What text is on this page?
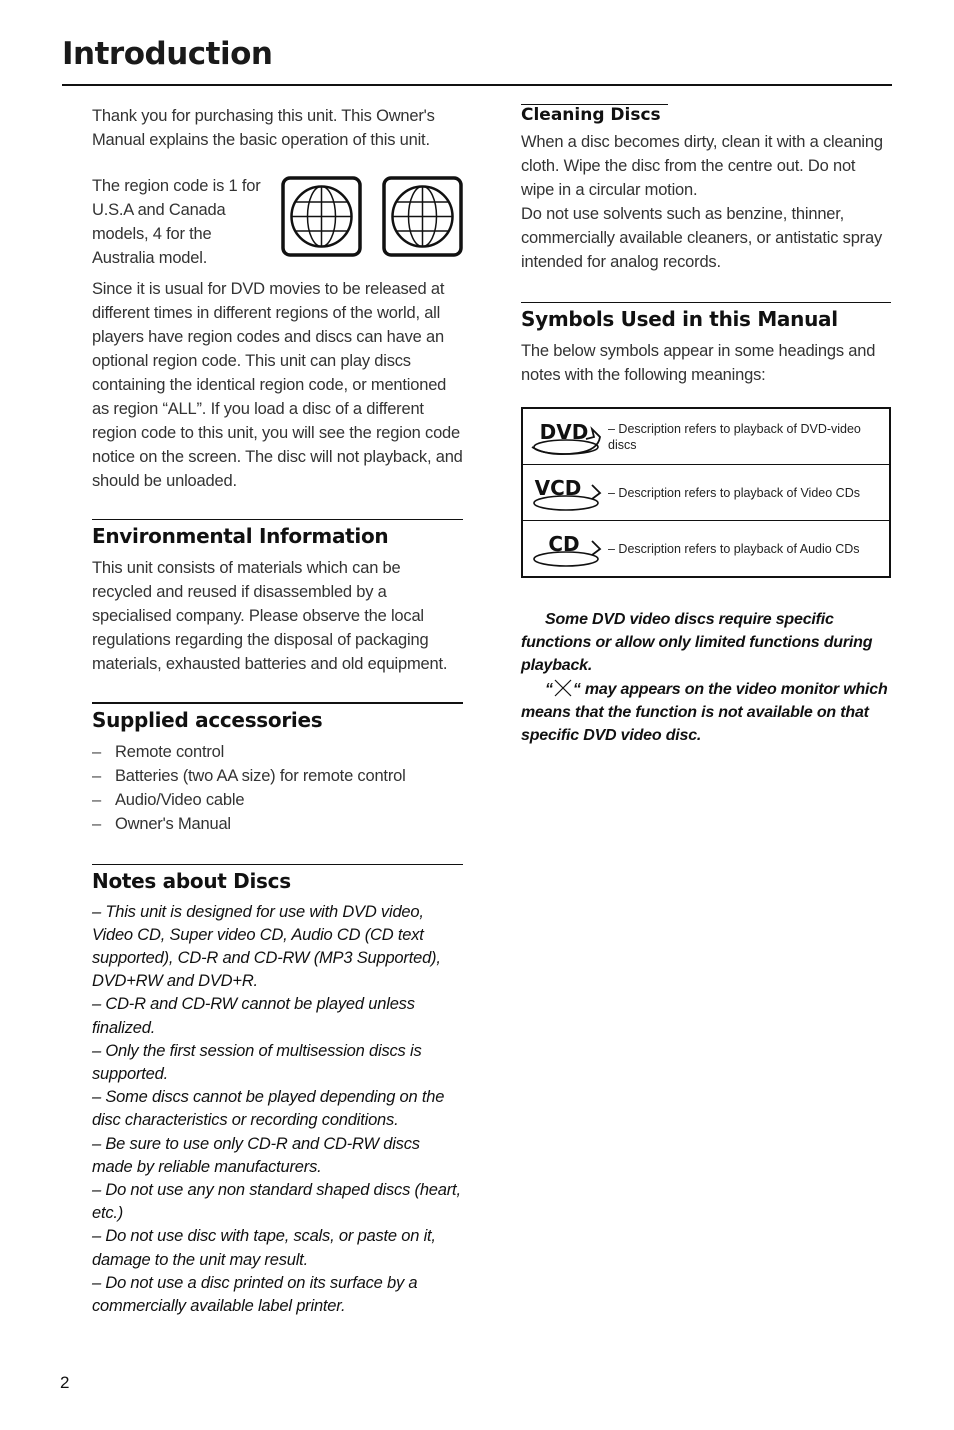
Introduction

Thank you for purchasing this unit. This Owner's Manual explains the basic operation of this unit.

The region code is 1 for U.S.A and Canada models, 4 for the Australia model.

Since it is usual for DVD movies to be released at different times in different regions of the world, all players have region codes and discs can have an optional region code. This unit can play discs containing the identical region code, or mentioned as region “ALL”. If you load a disc of a different region code to this unit, you will see the region code notice on the screen. The disc will not playback, and should be unloaded.

Environmental Information

This unit consists of materials which can be recycled and reused if disassembled by a specialised company. Please observe the local regulations regarding the disposal of packaging materials, exhausted batteries and old equipment.

Supplied accessories
– Remote control
– Batteries (two AA size) for remote control
– Audio/Video cable
– Owner's Manual
Notes about Discs

– This unit is designed for use with DVD video, Video CD, Super video CD, Audio CD (CD text supported), CD-R and CD-RW (MP3 Supported), DVD+RW and DVD+R.

– CD-R and CD-RW cannot be played unless finalized.

– Only the first session of multisession discs is supported.

– Some discs cannot be played depending on the disc characteristics or recording conditions.

– Be sure to use only CD-R and CD-RW discs made by reliable manufacturers.

– Do not use any non standard shaped discs (heart, etc.)

– Do not use disc with tape, scals, or paste on it, damage to the unit may result.

– Do not use a disc printed on its surface by a commercially available label printer.

Cleaning Discs

When a disc becomes dirty, clean it with a cleaning cloth. Wipe the disc from the centre out. Do not wipe in a circular motion.

Do not use solvents such as benzine, thinner, commercially available cleaners, or antistatic spray intended for analog records.

Symbols Used in this Manual

The below symbols appear in some headings and notes with the following meanings:

DVD – Description refers to playback of DVD-video discs
VCD – Description refers to playback of Video CDs
CD – Description refers to playback of Audio CDs

Some DVD video discs require specific functions or allow only limited functions during playback.

“ “ may appears on the video monitor which means that the function is not available on that specific DVD video disc.

2
